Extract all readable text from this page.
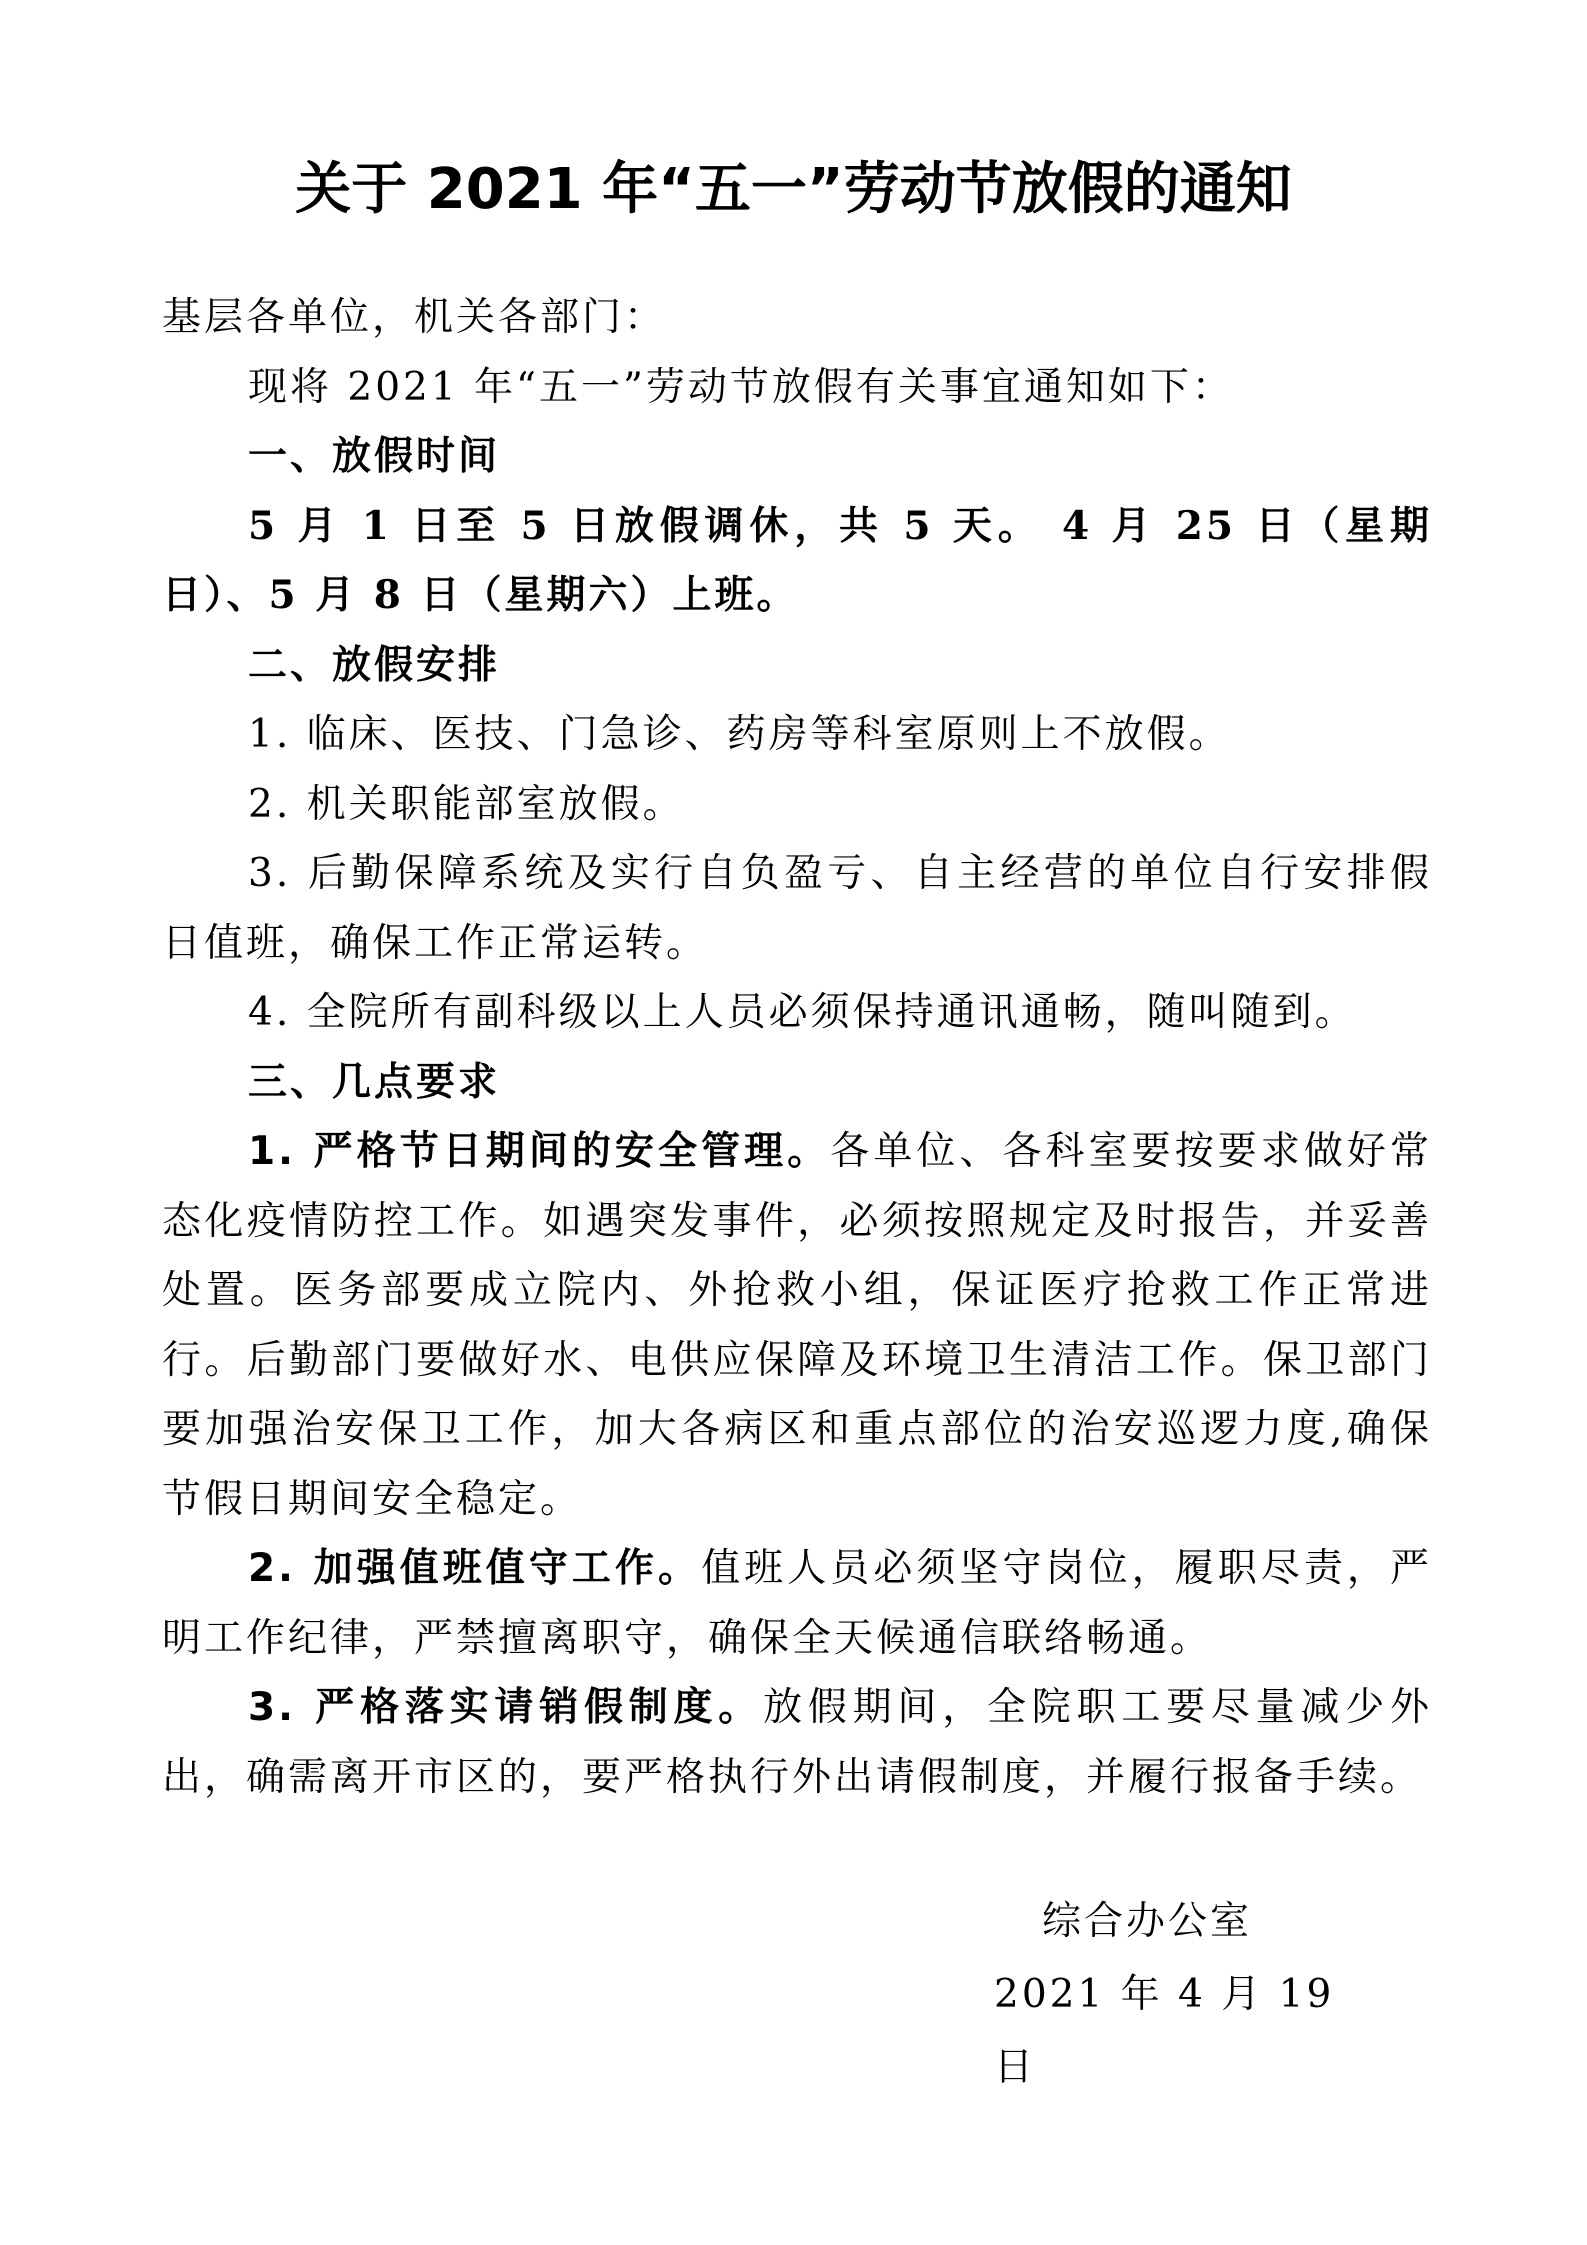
关于 2021 年“五一”劳动节放假的通知

基层各单位，机关各部门：

现将 2021 年“五一”劳动节放假有关事宜通知如下：

一、放假时间

5 月 1 日至 5 日放假调休，共 5 天。 4 月 25 日（星期日）、5 月 8 日（星期六）上班。

二、放假安排

1. 临床、医技、门急诊、药房等科室原则上不放假。

2. 机关职能部室放假。

3. 后勤保障系统及实行自负盈亏、自主经营的单位自行安排假日值班，确保工作正常运转。

4. 全院所有副科级以上人员必须保持通讯通畅，随叫随到。

三、几点要求

1. 严格节日期间的安全管理。各单位、各科室要按要求做好常态化疫情防控工作。如遇突发事件，必须按照规定及时报告，并妥善处置。医务部要成立院内、外抢救小组，保证医疗抢救工作正常进行。后勤部门要做好水、电供应保障及环境卫生清洁工作。保卫部门要加强治安保卫工作，加大各病区和重点部位的治安巡逻力度,确保节假日期间安全稳定。

2. 加强值班值守工作。值班人员必须坚守岗位，履职尽责，严明工作纪律，严禁擅离职守，确保全天候通信联络畅通。

3. 严格落实请销假制度。放假期间，全院职工要尽量减少外出，确需离开市区的，要严格执行外出请假制度，并履行报备手续。

综合办公室
2021 年 4 月 19 日
